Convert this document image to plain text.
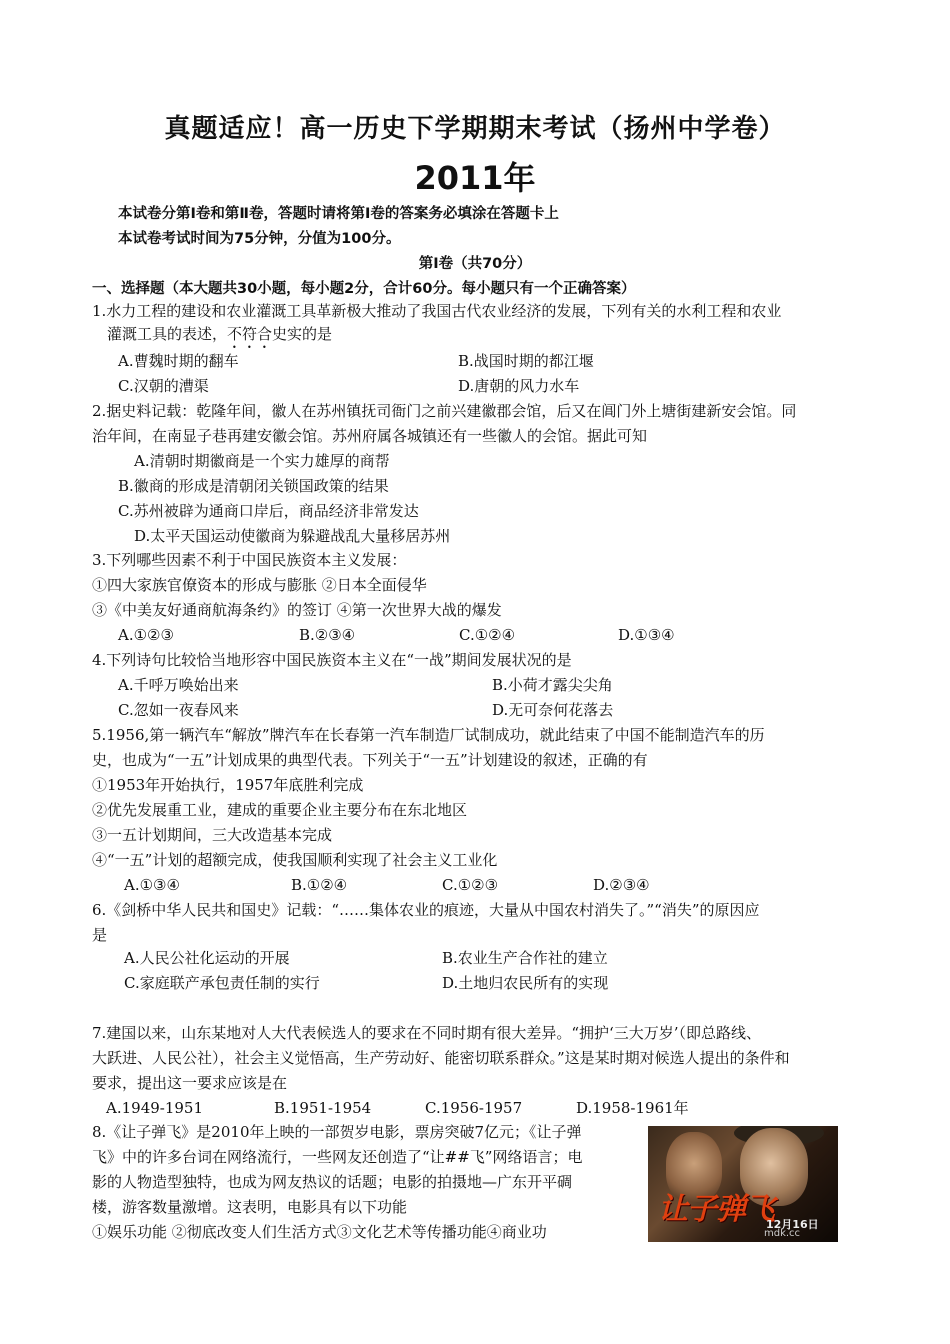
真题适应！高一历史下学期期末考试（扬州中学卷）
2011年
本试卷分第Ⅰ卷和第Ⅱ卷，答题时请将第Ⅰ卷的答案务必填涂在答题卡上
本试卷考试时间为75分钟，分值为100分。
第Ⅰ卷（共70分）
一、选择题（本大题共30小题，每小题2分，合计60分。每小题只有一个正确答案）
1.水力工程的建设和农业灌溉工具革新极大推动了我国古代农业经济的发展，下列有关的水利工程和农业
灌溉工具的表述，不符合史实的是
A.曹魏时期的翻车	B.战国时期的都江堰
C.汉朝的漕渠	D.唐朝的风力水车
2.据史料记载：乾隆年间，徽人在苏州镇抚司衙门之前兴建徽郡会馆，后又在阊门外上塘街建新安会馆。同
治年间，在南显子巷再建安徽会馆。苏州府属各城镇还有一些徽人的会馆。据此可知
A.清朝时期徽商是一个实力雄厚的商帮
B.徽商的形成是清朝闭关锁国政策的结果
C.苏州被辟为通商口岸后，商品经济非常发达
D.太平天国运动使徽商为躲避战乱大量移居苏州
3.下列哪些因素不利于中国民族资本主义发展：
①四大家族官僚资本的形成与膨胀 ②日本全面侵华
③《中美友好通商航海条约》的签订 ④第一次世界大战的爆发
A.①②③	B.②③④	C.①②④	D.①③④
4.下列诗句比较恰当地形容中国民族资本主义在“一战”期间发展状况的是
A.千呼万唤始出来	B.小荷才露尖尖角
C.忽如一夜春风来	D.无可奈何花落去
5.1956,第一辆汽车“解放”牌汽车在长春第一汽车制造厂试制成功，就此结束了中国不能制造汽车的历
史，也成为“一五”计划成果的典型代表。下列关于“一五”计划建设的叙述，正确的有
①1953年开始执行，1957年底胜利完成
②优先发展重工业，建成的重要企业主要分布在东北地区
③一五计划期间，三大改造基本完成
④“一五”计划的超额完成，使我国顺利实现了社会主义工业化
A.①③④	B.①②④	C.①②③	D.②③④
6.《剑桥中华人民共和国史》记载：“……集体农业的痕迹，大量从中国农村消失了。”“消失”的原因应
是
A.人民公社化运动的开展	B.农业生产合作社的建立
C.家庭联产承包责任制的实行	D.土地归农民所有的实现
7.建国以来，山东某地对人大代表候选人的要求在不同时期有很大差异。“拥护‘三大万岁’（即总路线、
大跃进、人民公社），社会主义觉悟高，生产劳动好、能密切联系群众。”这是某时期对候选人提出的条件和
要求，提出这一要求应该是在
A.1949-1951	B.1951-1954	C.1956-1957	D.1958-1961年
8.《让子弹飞》是2010年上映的一部贺岁电影，票房突破7亿元；《让子弹
飞》中的许多台词在网络流行，一些网友还创造了“让##飞”网络语言；电
影的人物造型独特，也成为网友热议的话题；电影的拍摄地—广东开平碉
楼，游客数量激增。这表明，电影具有以下功能
①娱乐功能 ②彻底改变人们生活方式③文化艺术等传播功能④商业功
让子弹飞
12月16日
mdk.cc
